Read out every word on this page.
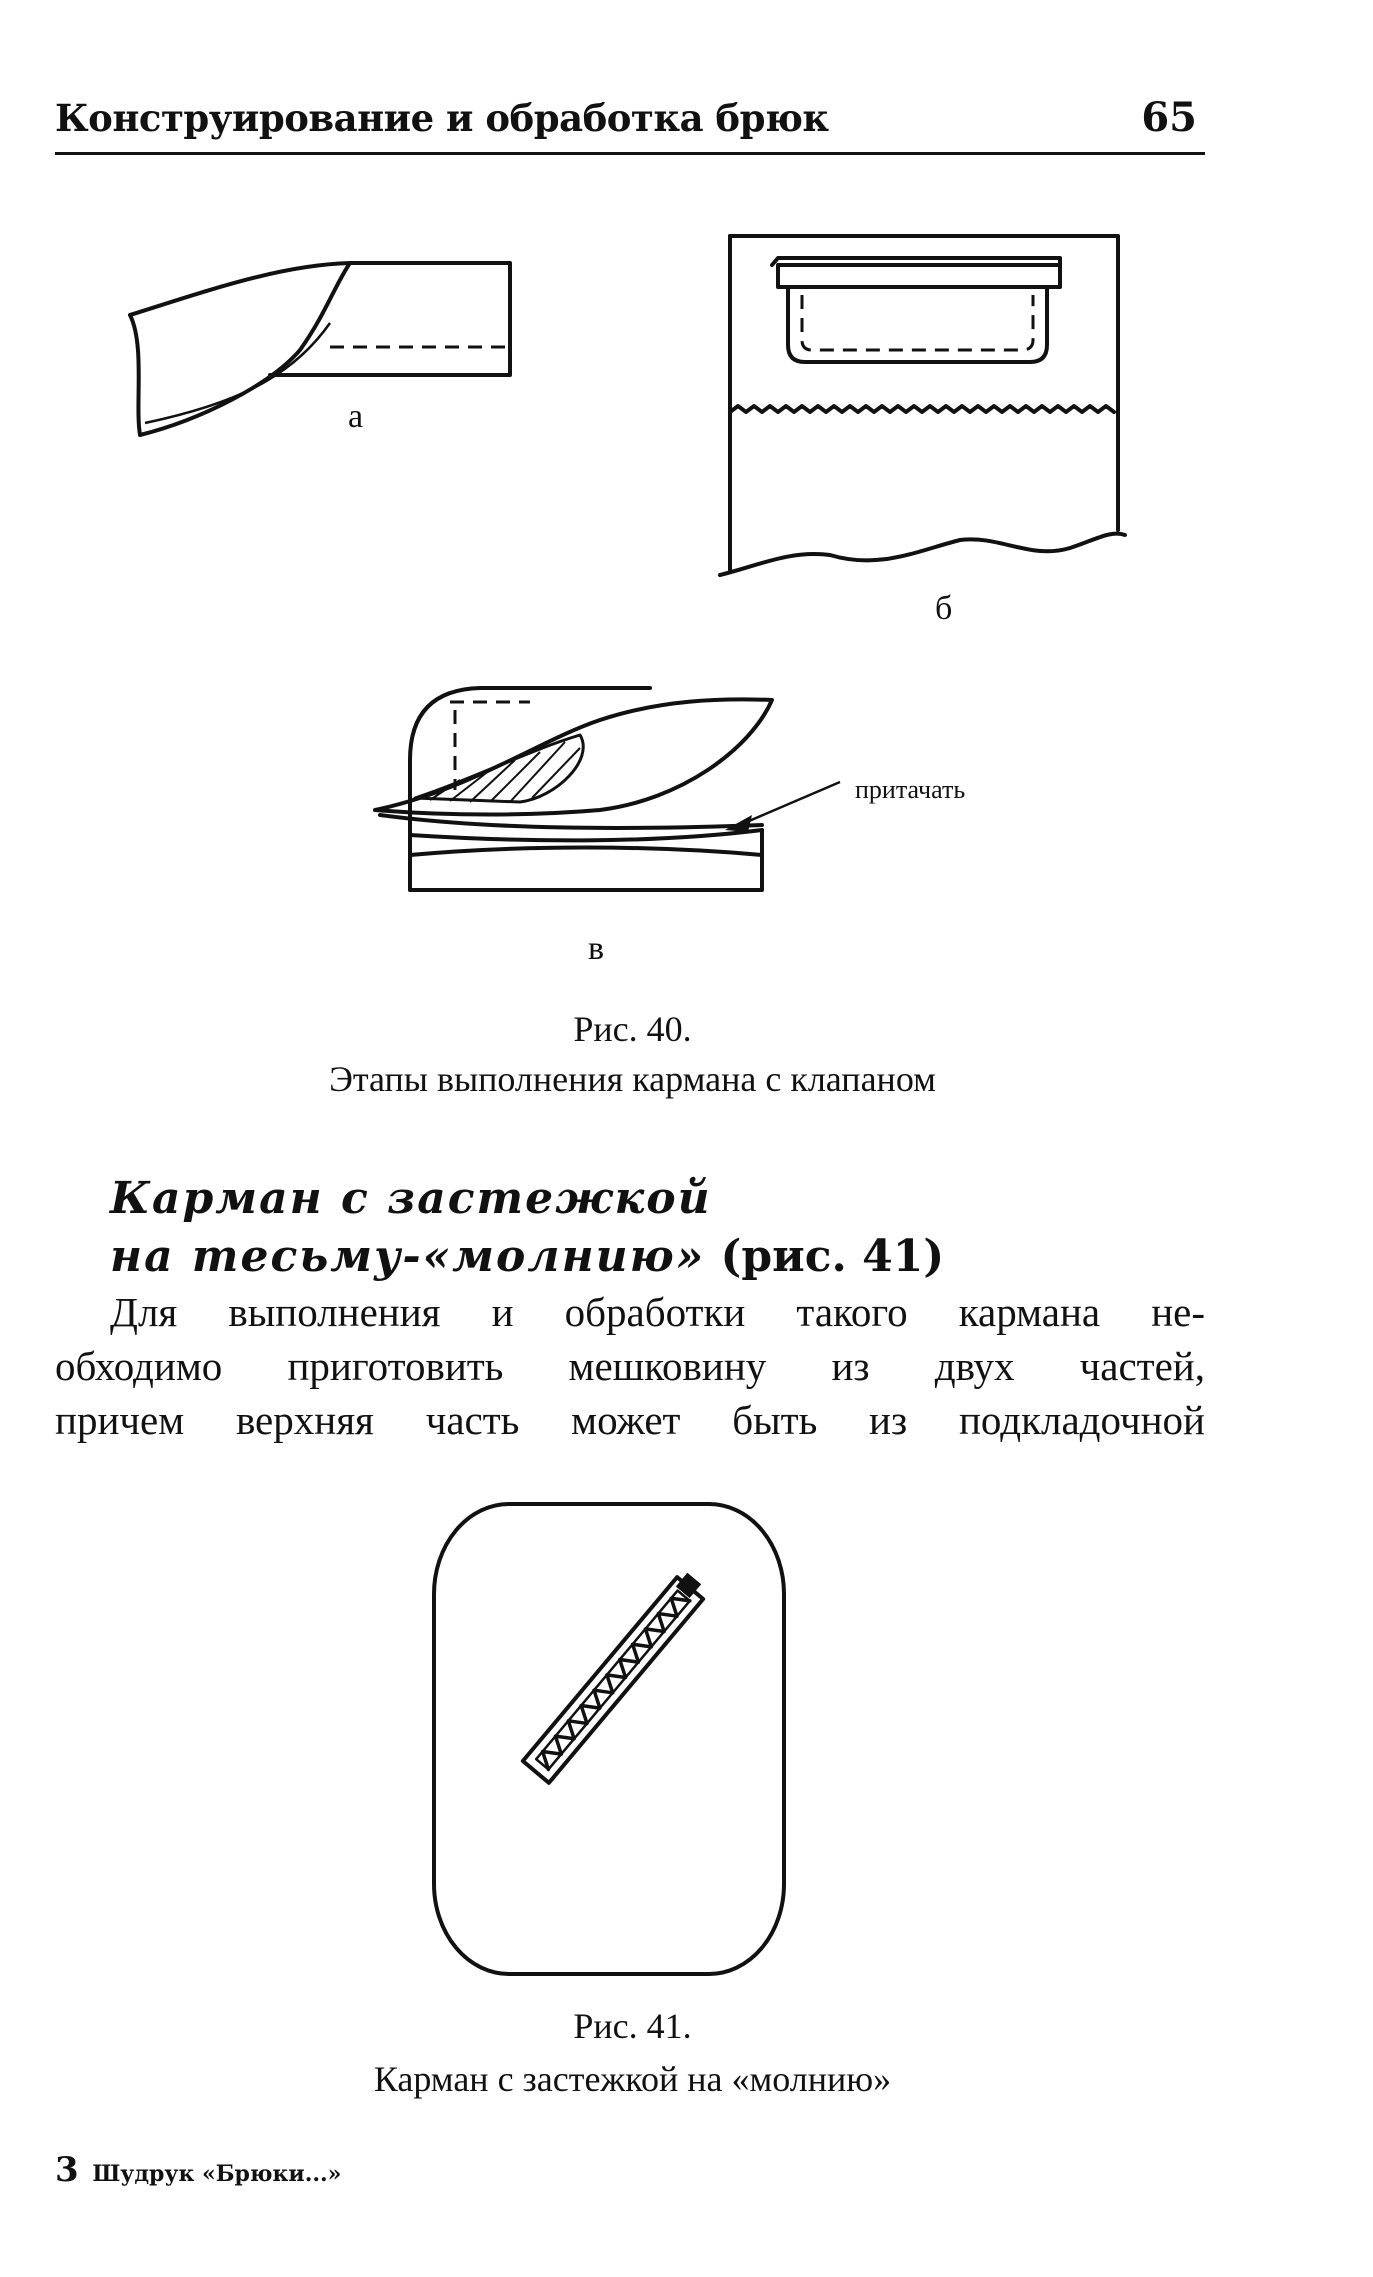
Конструирование и обработка брюк	65
а
б
притачать
в
Рис. 40.
Этапы выполнения кармана с клапаном
Карман с застежкой
на тесьму-«молнию» (рис. 41)
Для выполнения и обработки такого кармана не-
обходимо приготовить мешковину из двух частей,
причем верхняя часть может быть из подкладочной
Рис. 41.
Карман с застежкой на «молнию»
3 Шудрук «Брюки...»
